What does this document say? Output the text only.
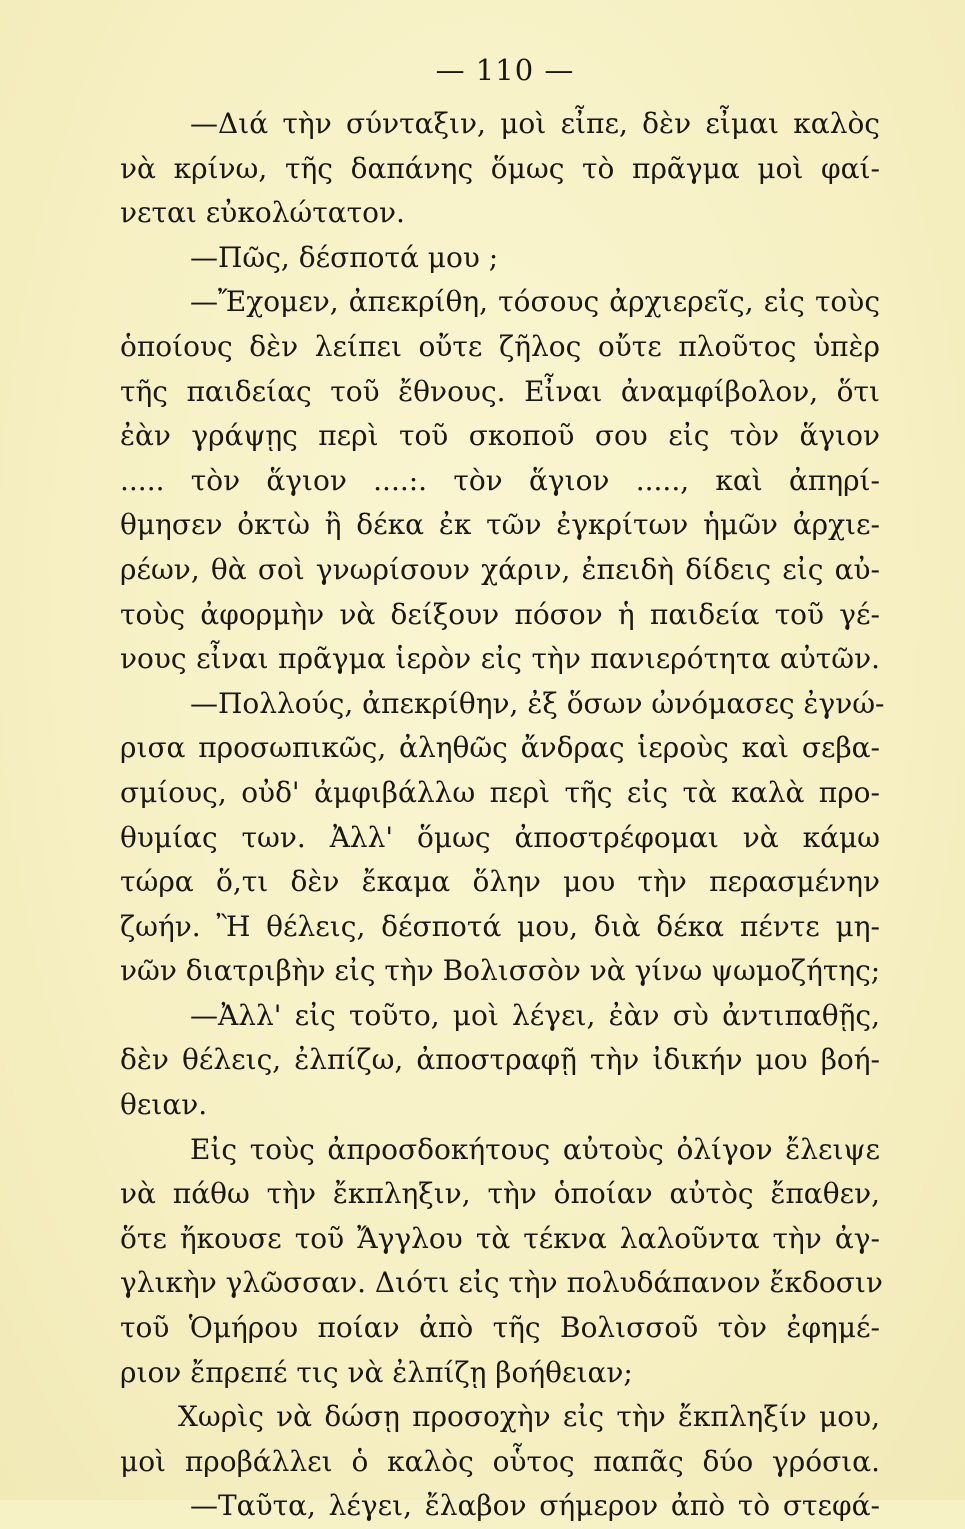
— 110 —
—Διά τὴν σύνταξιν, μοὶ εἶπε, δὲν εἶμαι καλὸς
νὰ κρίνω, τῆς δαπάνης ὅμως τὸ πρᾶγμα μοὶ φαί-
νεται εὐκολώτατον.
—Πῶς, δέσποτά μου ;
—Ἔχομεν, ἀπεκρίθη, τόσους ἀρχιερεῖς, εἰς τοὺς
ὁποίους δὲν λείπει οὔτε ζῆλος οὔτε πλοῦτος ὑπὲρ
τῆς παιδείας τοῦ ἔθνους. Εἶναι ἀναμφίβολον, ὅτι
ἐὰν γράψῃς περὶ τοῦ σκοποῦ σου εἰς τὸν ἅγιον
..... τὸν ἅγιον ....:. τὸν ἅγιον ....., καὶ ἀπηρί-
θμησεν ὀκτὼ ἢ δέκα ἐκ τῶν ἐγκρίτων ἡμῶν ἀρχιε-
ρέων, θὰ σοὶ γνωρίσουν χάριν, ἐπειδὴ δίδεις εἰς αὐ-
τοὺς ἀφορμὴν νὰ δείξουν πόσον ἡ παιδεία τοῦ γέ-
νους εἶναι πρᾶγμα ἱερὸν εἰς τὴν πανιερότητα αὐτῶν.
—Πολλούς, ἀπεκρίθην, ἐξ ὅσων ὠνόμασες ἐγνώ-
ρισα προσωπικῶς, ἀληθῶς ἄνδρας ἱεροὺς καὶ σεβα-
σμίους, οὐδ' ἀμφιβάλλω περὶ τῆς εἰς τὰ καλὰ προ-
θυμίας των. Ἀλλ' ὅμως ἀποστρέφομαι νὰ κάμω
τώρα ὅ,τι δὲν ἔκαμα ὅλην μου τὴν περασμένην
ζωήν. Ἢ θέλεις, δέσποτά μου, διὰ δέκα πέντε μη-
νῶν διατριβὴν εἰς τὴν Βολισσὸν νὰ γίνω ψωμοζήτης;
—Ἀλλ' εἰς τοῦτο, μοὶ λέγει, ἐὰν σὺ ἀντιπαθῇς,
δὲν θέλεις, ἐλπίζω, ἀποστραφῇ τὴν ἰδικήν μου βοή-
θειαν.
Εἰς τοὺς ἀπροσδοκήτους αὐτοὺς ὀλίγον ἔλειψε
νὰ πάθω τὴν ἔκπληξιν, τὴν ὁποίαν αὐτὸς ἔπαθεν,
ὅτε ἤκουσε τοῦ Ἄγγλου τὰ τέκνα λαλοῦντα τὴν ἀγ-
γλικὴν γλῶσσαν. Διότι εἰς τὴν πολυδάπανον ἔκδοσιν
τοῦ Ὁμήρου ποίαν ἀπὸ τῆς Βολισσοῦ τὸν ἐφημέ-
ριον ἔπρεπέ τις νὰ ἐλπίζῃ βοήθειαν;
Χωρὶς νὰ δώσῃ προσοχὴν εἰς τὴν ἔκπληξίν μου,
μοὶ προβάλλει ὁ καλὸς οὗτος παπᾶς δύο γρόσια.
—Ταῦτα, λέγει, ἔλαβον σήμερον ἀπὸ τὸ στεφά-
